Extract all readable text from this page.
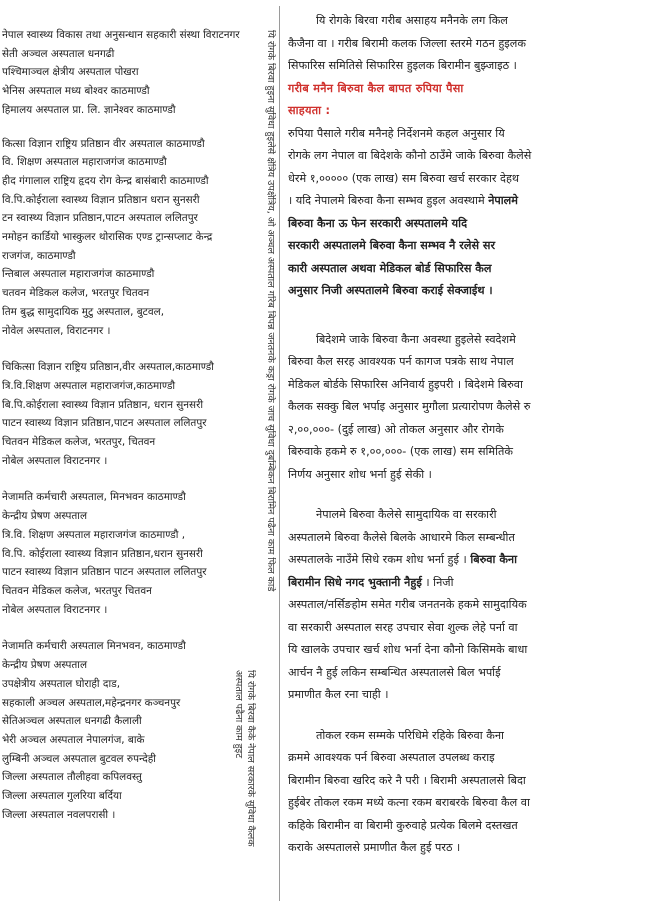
नेपाल स्वास्थ्य विकास तथा अनुसन्धान सहकारी संस्था विराटनगर
सेती अञ्चल अस्पताल धनगढी
पश्चिमाञ्चल क्षेत्रीय अस्पताल पोखरा
भेनिस अस्पताल मध्य बोश्वर काठमाण्डौ
हिमालय अस्पताल प्रा. लि. ज्ञानेश्वर काठमाण्डौ
कित्सा विज्ञान राष्ट्रिय प्रतिष्ठान वीर अस्पताल काठमाण्डौ
वि. शिक्षण अस्पताल महाराजगंज काठमाण्डौ
हीद गंगालाल राष्ट्रिय हृदय रोग केन्द्र बासंबारी काठमाण्डौ
वि.पि.कोईराला स्वास्थ्य विज्ञान प्रतिष्ठान धरान सुनसरी
टन स्वास्थ्य विज्ञान प्रतिष्ठान,पाटन अस्पताल ललितपुर
नमोहन कार्डियो भास्कुलर थोरासिक एण्ड ट्रान्सप्लाट केन्द्र
राजगंज, काठमाण्डौ
न्तिबाल अस्पताल महाराजगंज काठमाण्डौ
चतवन मेडिकल कलेज, भरतपुर चितवन
तिम बुद्ध सामुदायिक मुटु अस्पताल, बुटवल,
नोवेल अस्पताल, विराटनगर ।
चिकित्सा विज्ञान राष्ट्रिय प्रतिष्ठान,वीर अस्पताल,काठमाण्डौ
त्रि.वि.शिक्षण अस्पताल महाराजगंज,काठमाण्डौ
बि.पि.कोईराला स्वास्थ्य विज्ञान प्रतिष्ठान, धरान सुनसरी
पाटन स्वास्थ्य विज्ञान प्रतिष्ठान,पाटन अस्पताल ललितपुर
चितवन मेडिकल कलेज, भरतपुर, चितवन
नोबेल अस्पताल विराटनगर ।
नेजामति कर्मचारी अस्पताल, मिनभवन काठमाण्डौ
केन्द्रीय प्रेषण अस्पताल
त्रि.वि. शिक्षण अस्पताल महाराजगंज काठमाण्डौ ,
वि.पि. कोईराला स्वास्थ्य विज्ञान प्रतिष्ठान,धरान सुनसरी
पाटन स्वास्थ्य विज्ञान प्रतिष्ठान पाटन अस्पताल ललितपुर
चितवन मेडिकल कलेज, भरतपुर चितवन
नोबेल अस्पताल विराटनगर ।
नेजामति कर्मचारी अस्पताल मिनभवन, काठमाण्डौ
केन्द्रीय प्रेषण अस्पताल
उपक्षेत्रीय अस्पताल घोराही दाड,
सहकाली अञ्चल अस्पताल,महेन्द्रनगर कञ्चनपुर
सेतिअञ्चल अस्पताल धनगढी कैलाली
भेरी अञ्चल अस्पताल नेपालगंज, बाके
लुम्बिनी अञ्चल अस्पताल बुटवल रुपन्देही
जिल्ला अस्पताल तौलीहवा कपिलवस्तु
जिल्ला अस्पताल गुलरिया बर्दिया
जिल्ला अस्पताल नवलपरासी ।
यि रोगके बिरवा हुइना सुविधा हुइलेसे क्षेत्रिय उपक्षेत्रिय, ओ अञ्चल अस्पताल गरिब बिपन्न जनतनके कड्रा रोगके जाच सुविधा दुबम्बिकन बिरामिन पढैना काम फिल काडे
यि रोगके बिरवा कैके नेपाल सरकारके सुविधा कैलक अस्पताल पढैना काम हुइट

यि रोगके बिरवा गरीब असाहय मनैनके लग किल

कैजैना वा । गरीब बिरामी कलक जिल्ला स्तरमे गठन हुइलक

सिफारिस समितिसे सिफारिस हुइलक बिरामीन बुझ्जाइठ ।

गरीब मनैन बिरुवा कैल बापत रुपिया पैसा

साहयता :

रुपिया पैसाले गरीब मनैनहे निर्देशनमे कहल अनुसार यि

रोगके लग नेपाल वा बिदेशके कौनो ठाउँमे जाके बिरुवा कैलेसे

धेरमे १,००००० (एक लाख) सम बिरुवा खर्च सरकार देहथ

। यदि नेपालमे बिरुवा कैना सम्भव हुइल अवस्थामे नेपालमे

बिरुवा कैना ऊ फेन सरकारी अस्पतालमे यदि

सरकारी अस्पतालमे बिरुवा कैना सम्भव नै रलेसे सर

कारी अस्पताल अथवा मेडिकल बोर्ड सिफारिस कैल

अनुसार निजी अस्पतालमे बिरुवा कराई सेक्जाईथ ।

बिदेशमे जाके बिरुवा कैना अवस्था हुइलेसे स्वदेशमे

बिरुवा कैल सरह आवश्यक पर्न कागज पत्रके साथ नेपाल

मेडिकल बोर्डके सिफारिस अनिवार्य हुइपरी । बिदेशमे बिरुवा

कैलक सक्कु बिल भर्पाइ अनुसार मुगौला प्रत्यारोपण कैलेसे रु

२,००,०००- (दुई लाख) ओ तोकल अनुसार और रोगके

बिरुवाके हकमे रु १,००,०००- (एक लाख) सम समितिके

निर्णय अनुसार शोध भर्ना हुई सेकी ।

नेपालमे बिरुवा कैलेसे सामुदायिक वा सरकारी

अस्पतालमे बिरुवा कैलेसे बिलके आधारमे किल सम्बन्धीत

अस्पतालके नाउँमे सिधे रकम शोध भर्ना हुई । बिरुवा कैना

बिरामीन सिधे नगद भुक्तानी नैहुई । निजी

अस्पताल/नर्सिङहोम समेत गरीब जनतनके हकमे सामुदायिक

वा सरकारी अस्पताल सरह उपचार सेवा शुल्क लेहे पर्ना वा

यि खालके उपचार खर्च शोध भर्ना देना कौनो किसिमके बाधा

आर्चन नै हुई लकिन सम्बन्धित अस्पतालसे बिल भर्पाई

प्रमाणीत कैल रना चाही ।

तोकल रकम सम्मके परिधिमे रहिके बिरुवा कैना

क्रममे आवश्यक पर्न बिरुवा अस्पताल उपलब्ध कराइ

बिरामीन बिरुवा खरिद करे नै परी । बिरामी अस्पतालसे बिदा

हुईबेर तोकल रकम मध्ये कत्ना रकम बराबरके बिरुवा कैल वा

कहिके बिरामीन वा बिरामी कुरुवाहे प्रत्येक बिलमे दस्तखत

कराके अस्पतालसे प्रमाणीत कैल हुई परठ ।
